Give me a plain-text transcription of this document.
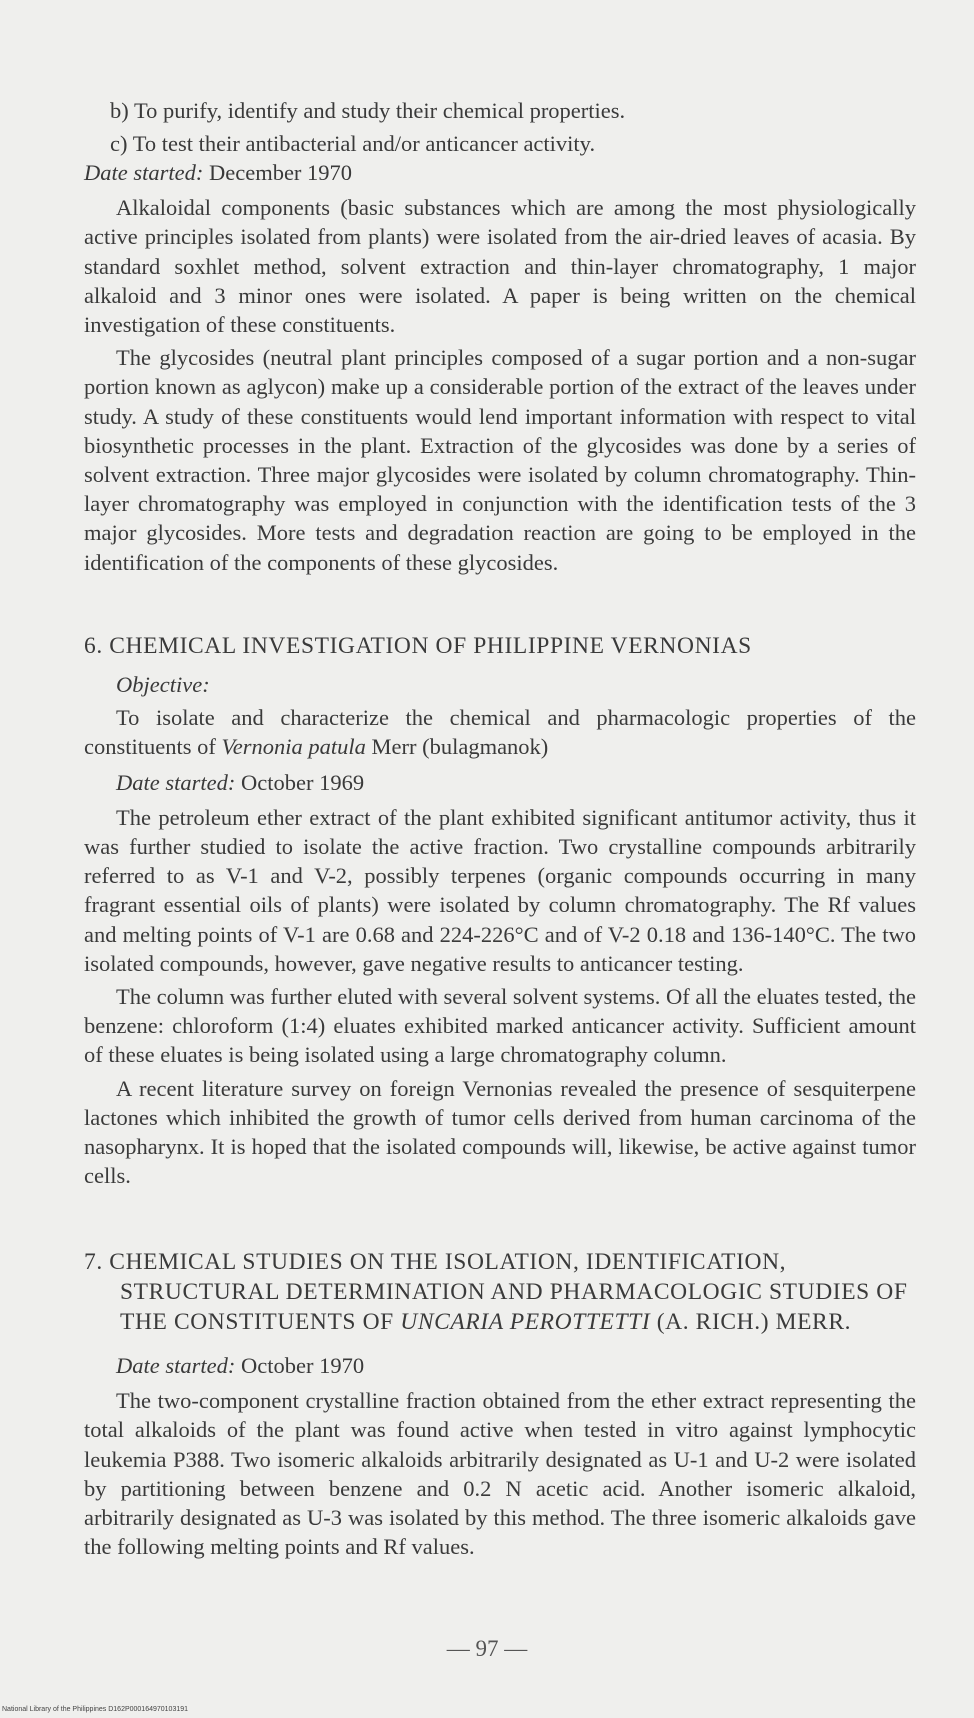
b) To purify, identify and study their chemical properties.

c) To test their antibacterial and/or anticancer activity.

Date started: December 1970

Alkaloidal components (basic substances which are among the most physiologically active principles isolated from plants) were isolated from the air-dried leaves of acasia. By standard soxhlet method, solvent extraction and thin-layer chromatography, 1 major alkaloid and 3 minor ones were isolated. A paper is being written on the chemical investigation of these constituents.

The glycosides (neutral plant principles composed of a sugar portion and a non-sugar portion known as aglycon) make up a considerable portion of the extract of the leaves under study. A study of these constituents would lend important information with respect to vital biosynthetic processes in the plant. Extraction of the glycosides was done by a series of solvent extraction. Three major glycosides were isolated by column chromatography. Thin-layer chromatography was employed in conjunction with the identification tests of the 3 major glycosides. More tests and degradation reaction are going to be employed in the identification of the components of these glycosides.

6. CHEMICAL INVESTIGATION OF PHILIPPINE VERNONIAS

Objective:

To isolate and characterize the chemical and pharmacologic properties of the constituents of Vernonia patula Merr (bulagmanok)

Date started: October 1969

The petroleum ether extract of the plant exhibited significant antitumor activity, thus it was further studied to isolate the active fraction. Two crystalline compounds arbitrarily referred to as V-1 and V-2, possibly terpenes (organic compounds occurring in many fragrant essential oils of plants) were isolated by column chromatography. The Rf values and melting points of V-1 are 0.68 and 224-226°C and of V-2 0.18 and 136-140°C. The two isolated compounds, however, gave negative results to anticancer testing.

The column was further eluted with several solvent systems. Of all the eluates tested, the benzene: chloroform (1:4) eluates exhibited marked anticancer activity. Sufficient amount of these eluates is being isolated using a large chromatography column.

A recent literature survey on foreign Vernonias revealed the presence of sesquiterpene lactones which inhibited the growth of tumor cells derived from human carcinoma of the nasopharynx. It is hoped that the isolated compounds will, likewise, be active against tumor cells.

7. CHEMICAL STUDIES ON THE ISOLATION, IDENTIFICATION, STRUCTURAL DETERMINATION AND PHARMACOLOGIC STUDIES OF THE CONSTITUENTS OF UNCARIA PEROTTETTI (A. RICH.) MERR.

Date started: October 1970

The two-component crystalline fraction obtained from the ether extract representing the total alkaloids of the plant was found active when tested in vitro against lymphocytic leukemia P388. Two isomeric alkaloids arbitrarily designated as U-1 and U-2 were isolated by partitioning between benzene and 0.2 N acetic acid. Another isomeric alkaloid, arbitrarily designated as U-3 was isolated by this method. The three isomeric alkaloids gave the following melting points and Rf values.

— 97 —
National Library of the Philippines D162P000164970103191
